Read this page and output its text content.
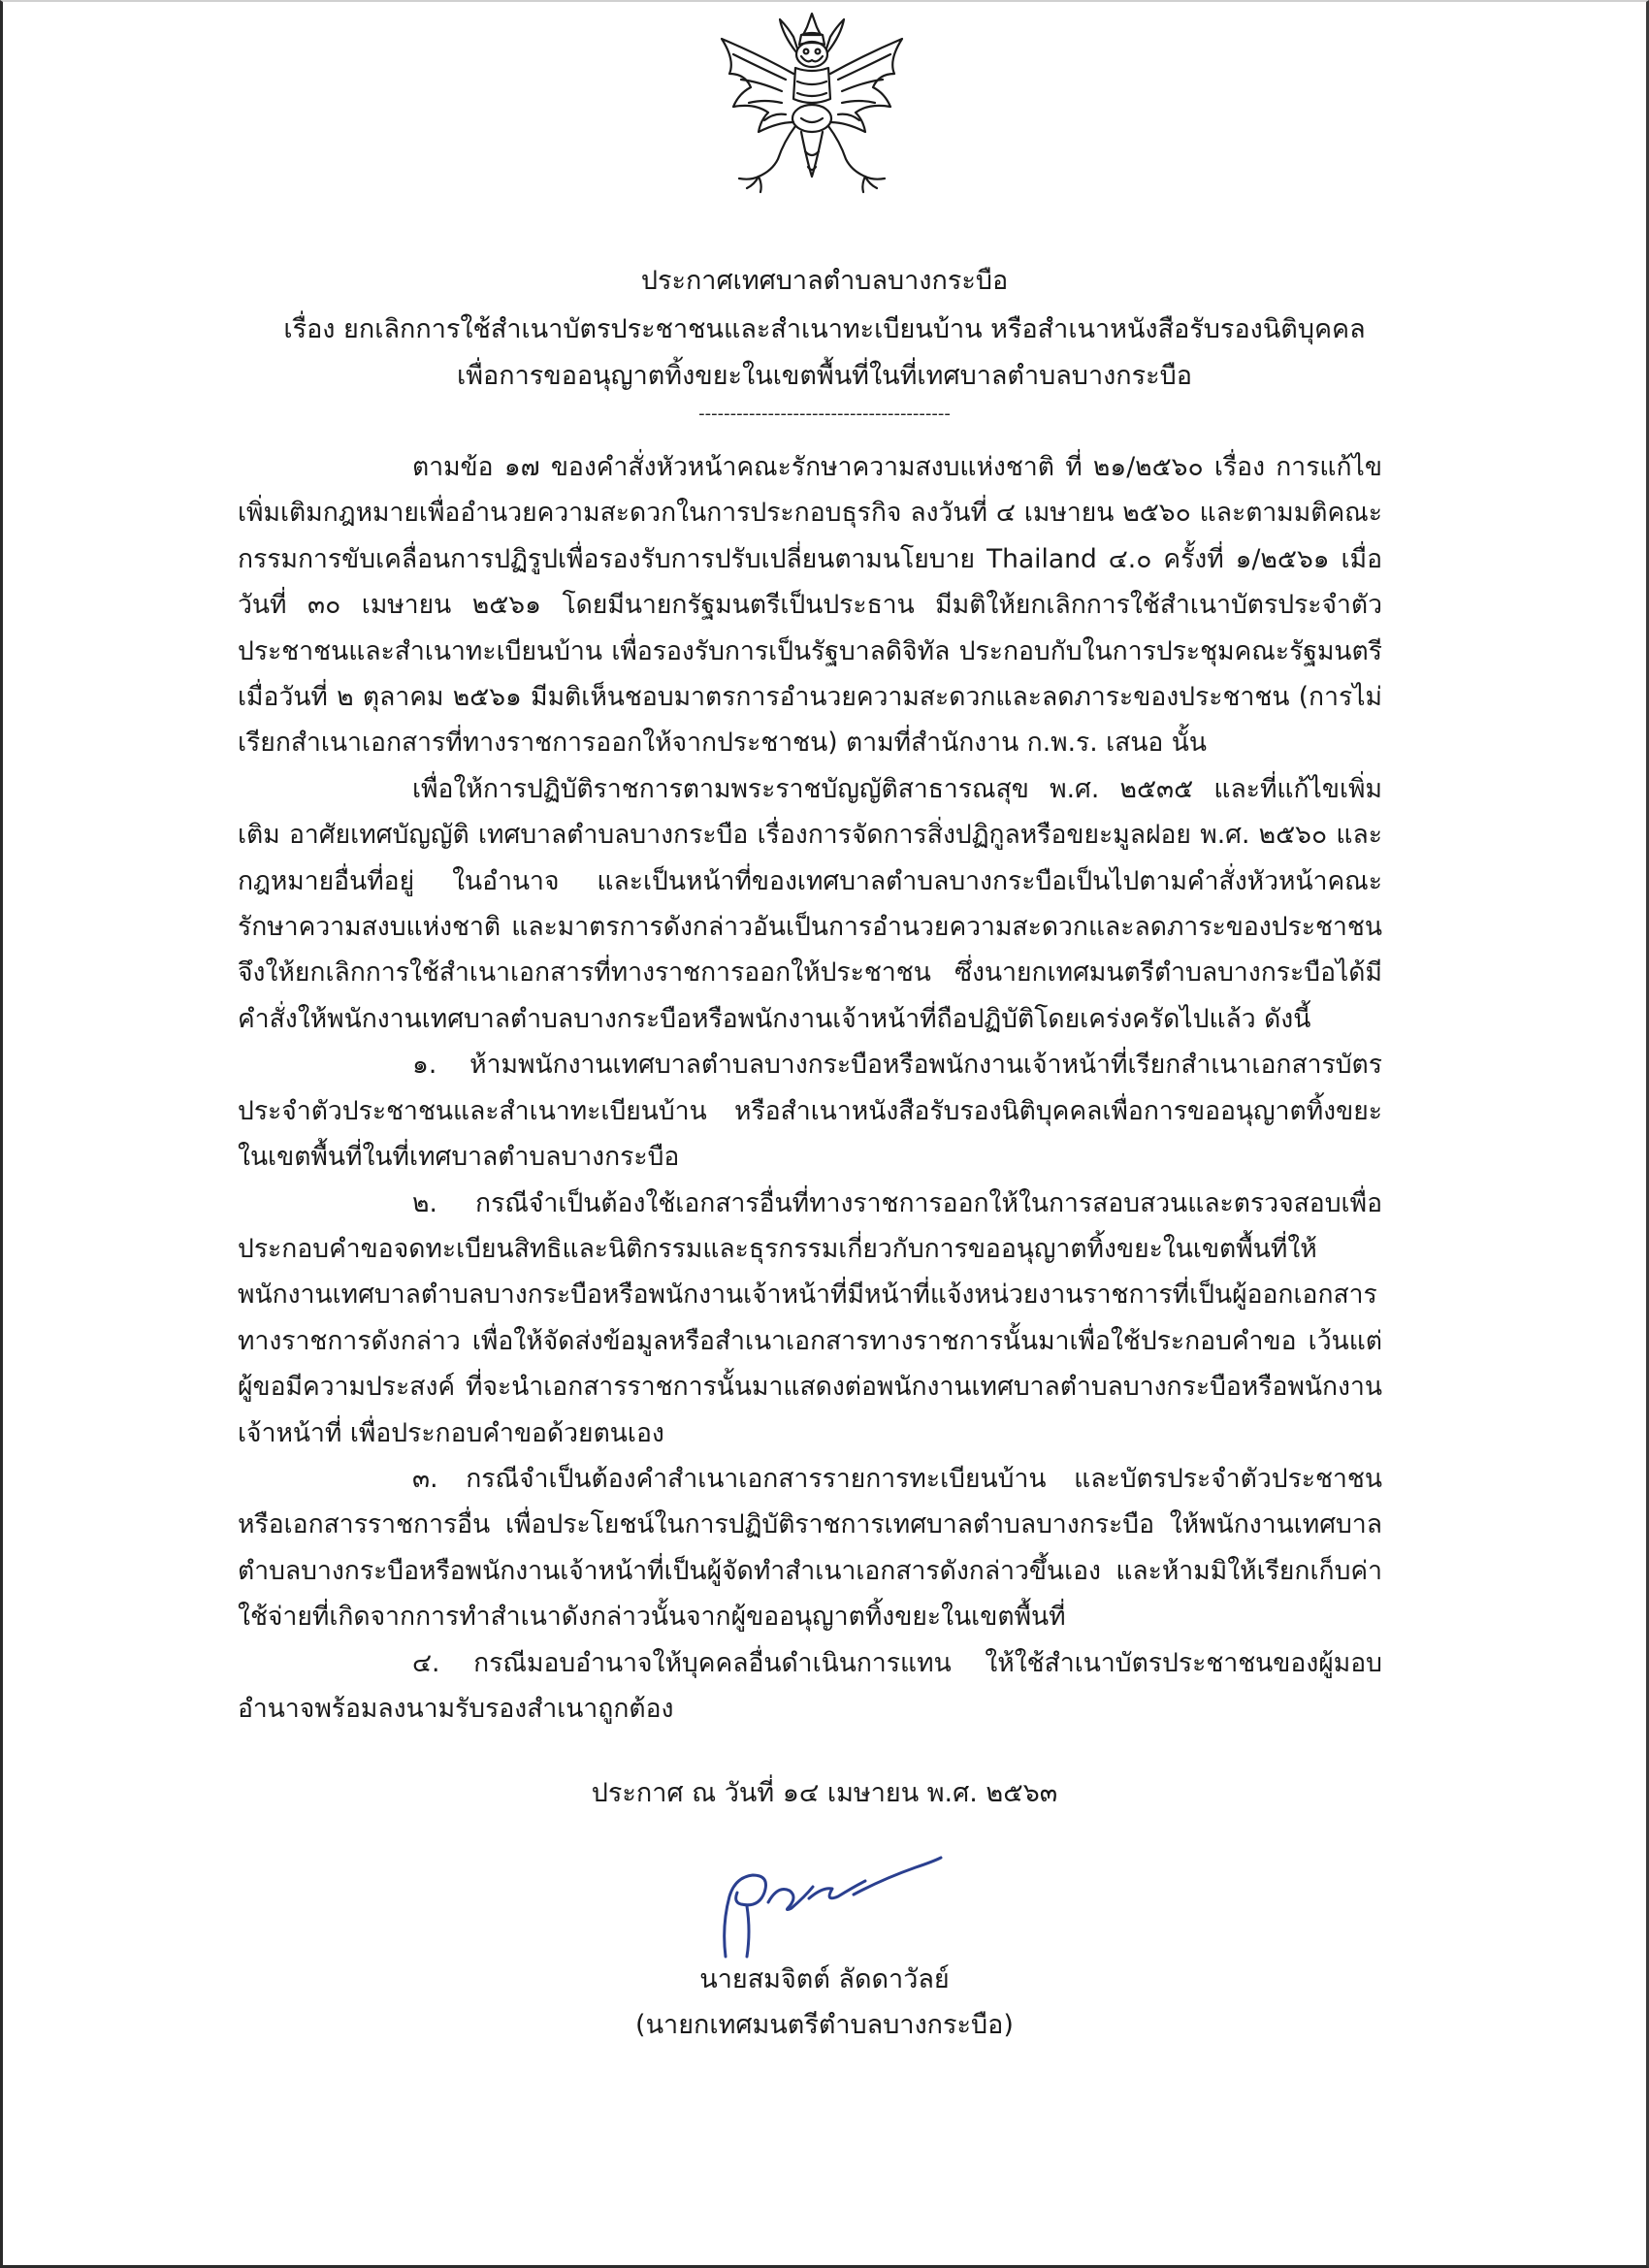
ประกาศเทศบาลตำบลบางกระบือ
เรื่อง ยกเลิกการใช้สำเนาบัตรประชาชนและสำเนาทะเบียนบ้าน หรือสำเนาหนังสือรับรองนิติบุคคล
เพื่อการขออนุญาตทิ้งขยะในเขตพื้นที่ในที่เทศบาลตำบลบางกระบือ
----------------------------------------

ตามข้อ ๑๗ ของคำสั่งหัวหน้าคณะรักษาความสงบแห่งชาติ ที่ ๒๑/๒๕๖๐ เรื่อง การแก้ไขเพิ่มเติมกฎหมายเพื่ออำนวยความสะดวกในการประกอบธุรกิจ ลงวันที่ ๔ เมษายน ๒๕๖๐ และตามมติคณะกรรมการขับเคลื่อนการปฏิรูปเพื่อรองรับการปรับเปลี่ยนตามนโยบาย Thailand ๔.๐ ครั้งที่ ๑/๒๕๖๑ เมื่อวันที่ ๓๐ เมษายน ๒๕๖๑ โดยมีนายกรัฐมนตรีเป็นประธาน มีมติให้ยกเลิกการใช้สำเนาบัตรประจำตัวประชาชนและสำเนาทะเบียนบ้าน เพื่อรองรับการเป็นรัฐบาลดิจิทัล ประกอบกับในการประชุมคณะรัฐมนตรีเมื่อวันที่ ๒ ตุลาคม ๒๕๖๑ มีมติเห็นชอบมาตรการอำนวยความสะดวกและลดภาระของประชาชน (การไม่เรียกสำเนาเอกสารที่ทางราชการออกให้จากประชาชน) ตามที่สำนักงาน ก.พ.ร. เสนอ นั้น

เพื่อให้การปฏิบัติราชการตามพระราชบัญญัติสาธารณสุข พ.ศ. ๒๕๓๕ และที่แก้ไขเพิ่มเติม อาศัยเทศบัญญัติ เทศบาลตำบลบางกระบือ เรื่องการจัดการสิ่งปฏิกูลหรือขยะมูลฝอย พ.ศ. ๒๕๖๐ และกฎหมายอื่นที่อยู่ ในอำนาจ และเป็นหน้าที่ของเทศบาลตำบลบางกระบือเป็นไปตามคำสั่งหัวหน้าคณะรักษาความสงบแห่งชาติ และมาตรการดังกล่าวอันเป็นการอำนวยความสะดวกและลดภาระของประชาชน จึงให้ยกเลิกการใช้สำเนาเอกสารที่ทางราชการออกให้ประชาชน ซึ่งนายกเทศมนตรีตำบลบางกระบือได้มีคำสั่งให้พนักงานเทศบาลตำบลบางกระบือหรือพนักงานเจ้าหน้าที่ถือปฏิบัติโดยเคร่งครัดไปแล้ว ดังนี้

๑. ห้ามพนักงานเทศบาลตำบลบางกระบือหรือพนักงานเจ้าหน้าที่เรียกสำเนาเอกสารบัตรประจำตัวประชาชนและสำเนาทะเบียนบ้าน หรือสำเนาหนังสือรับรองนิติบุคคลเพื่อการขออนุญาตทิ้งขยะในเขตพื้นที่ในที่เทศบาลตำบลบางกระบือ

๒. กรณีจำเป็นต้องใช้เอกสารอื่นที่ทางราชการออกให้ในการสอบสวนและตรวจสอบเพื่อประกอบคำขอจดทะเบียนสิทธิและนิติกรรมและธุรกรรมเกี่ยวกับการขออนุญาตทิ้งขยะในเขตพื้นที่ให้พนักงานเทศบาลตำบลบางกระบือหรือพนักงานเจ้าหน้าที่มีหน้าที่แจ้งหน่วยงานราชการที่เป็นผู้ออกเอกสารทางราชการดังกล่าว เพื่อให้จัดส่งข้อมูลหรือสำเนาเอกสารทางราชการนั้นมาเพื่อใช้ประกอบคำขอ เว้นแต่ผู้ขอมีความประสงค์ ที่จะนำเอกสารราชการนั้นมาแสดงต่อพนักงานเทศบาลตำบลบางกระบือหรือพนักงานเจ้าหน้าที่ เพื่อประกอบคำขอด้วยตนเอง

๓. กรณีจำเป็นต้องคำสำเนาเอกสารรายการทะเบียนบ้าน และบัตรประจำตัวประชาชนหรือเอกสารราชการอื่น เพื่อประโยชน์ในการปฏิบัติราชการเทศบาลตำบลบางกระบือ ให้พนักงานเทศบาลตำบลบางกระบือหรือพนักงานเจ้าหน้าที่เป็นผู้จัดทำสำเนาเอกสารดังกล่าวขึ้นเอง และห้ามมิให้เรียกเก็บค่าใช้จ่ายที่เกิดจากการทำสำเนาดังกล่าวนั้นจากผู้ขออนุญาตทิ้งขยะในเขตพื้นที่

๔. กรณีมอบอำนาจให้บุคคลอื่นดำเนินการแทน ให้ใช้สำเนาบัตรประชาชนของผู้มอบอำนาจพร้อมลงนามรับรองสำเนาถูกต้อง

ประกาศ ณ วันที่ ๑๔ เมษายน พ.ศ. ๒๕๖๓
นายสมจิตต์ ลัดดาวัลย์
(นายกเทศมนตรีตำบลบางกระบือ)
